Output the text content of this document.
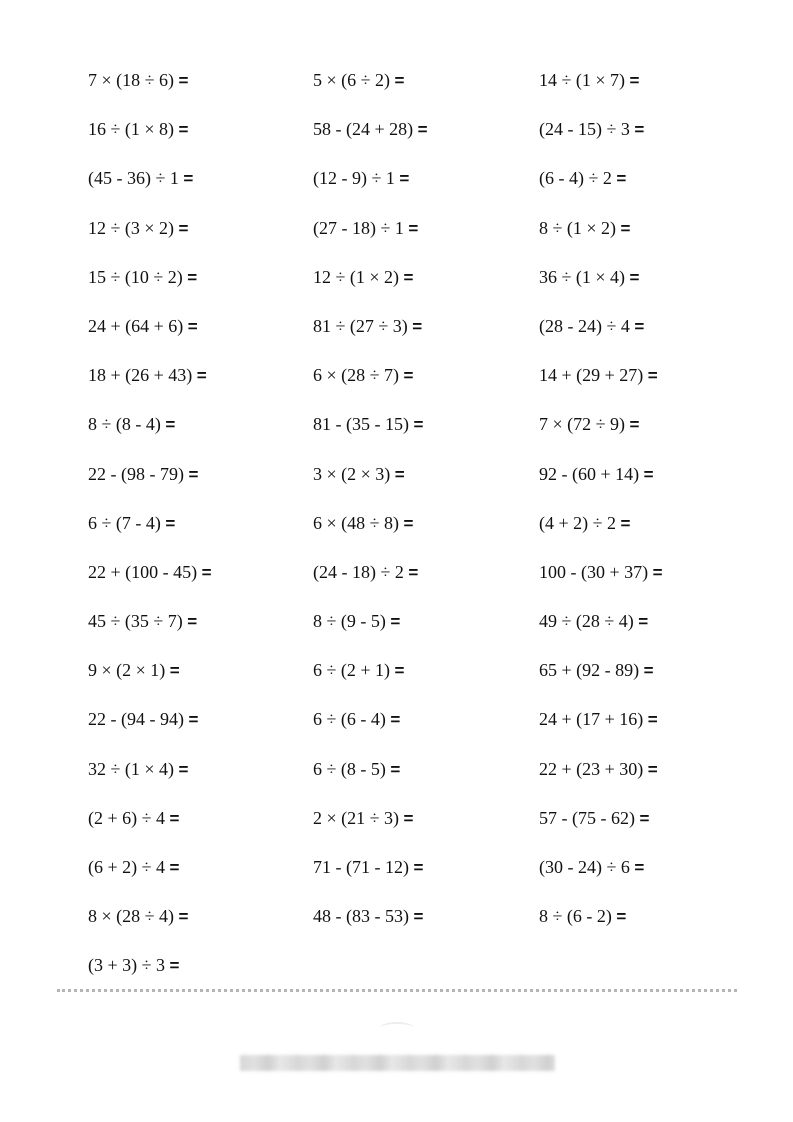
7 × (18 ÷ 6) =
16 ÷ (1 × 8) =
(45 - 36) ÷ 1 =
12 ÷ (3 × 2) =
15 ÷ (10 ÷ 2) =
24 + (64 + 6) =
18 + (26 + 43) =
8 ÷ (8 - 4) =
22 - (98 - 79) =
6 ÷ (7 - 4) =
22 + (100 - 45) =
45 ÷ (35 ÷ 7) =
9 × (2 × 1) =
22 - (94 - 94) =
32 ÷ (1 × 4) =
(2 + 6) ÷ 4 =
(6 + 2) ÷ 4 =
8 × (28 ÷ 4) =
(3 + 3) ÷ 3 =
5 × (6 ÷ 2) =
58 - (24 + 28) =
(12 - 9) ÷ 1 =
(27 - 18) ÷ 1 =
12 ÷ (1 × 2) =
81 ÷ (27 ÷ 3) =
6 × (28 ÷ 7) =
81 - (35 - 15) =
3 × (2 × 3) =
6 × (48 ÷ 8) =
(24 - 18) ÷ 2 =
8 ÷ (9 - 5) =
6 ÷ (2 + 1) =
6 ÷ (6 - 4) =
6 ÷ (8 - 5) =
2 × (21 ÷ 3) =
71 - (71 - 12) =
48 - (83 - 53) =
14 ÷ (1 × 7) =
(24 - 15) ÷ 3 =
(6 - 4) ÷ 2 =
8 ÷ (1 × 2) =
36 ÷ (1 × 4) =
(28 - 24) ÷ 4 =
14 + (29 + 27) =
7 × (72 ÷ 9) =
92 - (60 + 14) =
(4 + 2) ÷ 2 =
100 - (30 + 37) =
49 ÷ (28 ÷ 4) =
65 + (92 - 89) =
24 + (17 + 16) =
22 + (23 + 30) =
57 - (75 - 62) =
(30 - 24) ÷ 6 =
8 ÷ (6 - 2) =
